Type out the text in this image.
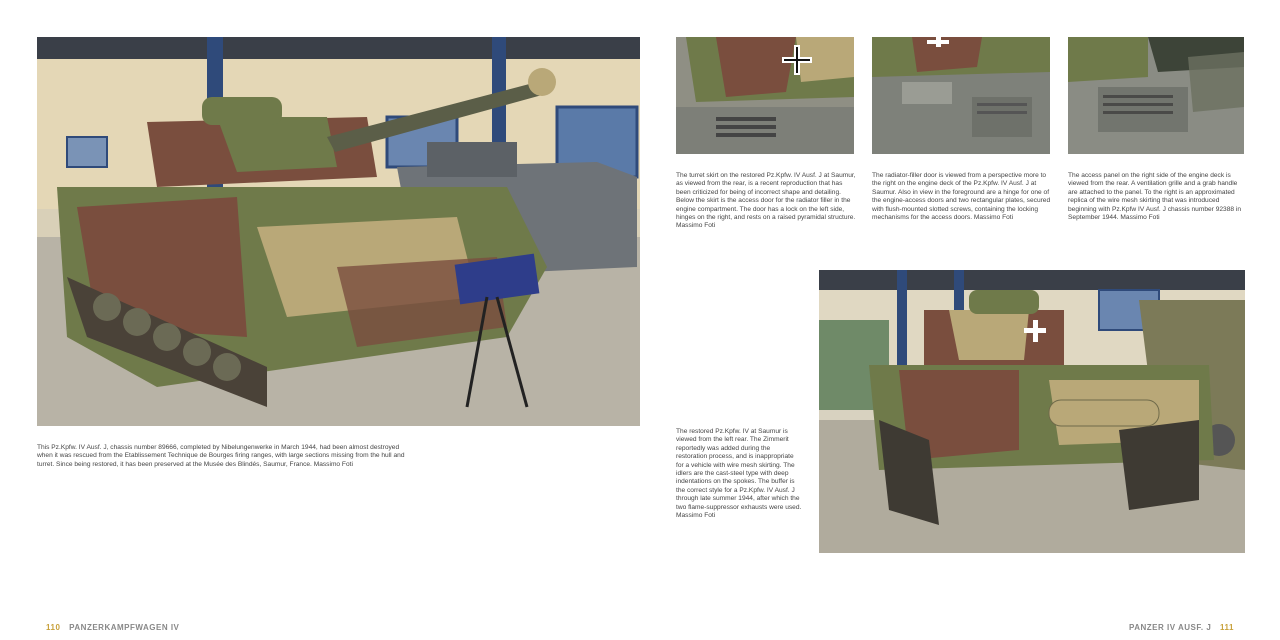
This Pz.Kpfw. IV Ausf. J, chassis number 89666, completed by Nibelungenwerke in March 1944, had been almost destroyed when it was rescued from the Etablissement Technique de Bourges firing ranges, with large sections missing from the hull and turret. Since being restored, it has been preserved at the Musée des Blindés, Saumur, France. Massimo Foti
110 PANZERKAMPFWAGEN IV
The turret skirt on the restored Pz.Kpfw. IV Ausf. J at Saumur, as viewed from the rear, is a recent reproduction that has been criticized for being of incorrect shape and detailing. Below the skirt is the access door for the radiator filler in the engine compartment. The door has a lock on the left side, hinges on the right, and rests on a raised pyramidal structure. Massimo Foti
The radiator-filler door is viewed from a perspective more to the right on the engine deck of the Pz.Kpfw. IV Ausf. J at Saumur. Also in view in the foreground are a hinge for one of the engine-access doors and two rectangular plates, secured with flush-mounted slotted screws, containing the locking mechanisms for the access doors. Massimo Foti
The access panel on the right side of the engine deck is viewed from the rear. A ventilation grille and a grab handle are attached to the panel. To the right is an approximated replica of the wire mesh skirting that was introduced beginning with Pz.Kpfw IV Ausf. J chassis number 92388 in September 1944. Massimo Foti
The restored Pz.Kpfw. IV at Saumur is viewed from the left rear. The Zimmerit reportedly was added during the restoration process, and is inappropriate for a vehicle with wire mesh skirting. The idlers are the cast-steel type with deep indentations on the spokes. The buffer is the correct style for a Pz.Kpfw. IV Ausf. J through late summer 1944, after which the two flame-suppressor exhausts were used. Massimo Foti
PANZER IV AUSF. J 111
